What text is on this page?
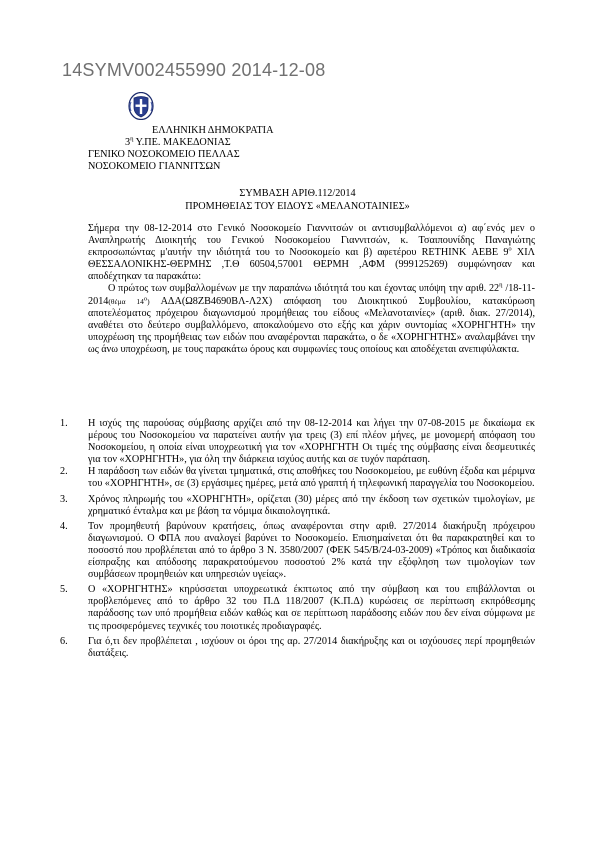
14SYMV002455990 2014-12-08
ΕΛΛΗΝΙΚΗ ΔΗΜΟΚΡΑΤΙΑ
$3^\eta$ Υ.ΠΕ. ΜΑΚΕΔΟΝΙΑΣ
ΓΕΝΙΚΟ ΝΟΣΟΚΟΜΕΙΟ ΠΕΛΛΑΣ
ΝΟΣΟΚΟΜΕΙΟ ΓΙΑΝΝΙΤΣΩΝ
ΣΥΜΒΑΣΗ ΑΡΙΘ.112/2014
ΠΡΟΜΗΘΕΙΑΣ ΤΟΥ ΕΙΔΟΥΣ «ΜΕΛΑΝΟΤΑΙΝΙΕΣ»

Σήμερα την 08-12-2014 στο Γενικό Νοσοκομείο Γιαννιτσών οι αντισυμβαλλόμενοι α) αφ΄ενός μεν ο Αναπληρωτής Διοικητής του Γενικού Νοσοκομείου Γιαννιτσών, κ. Τσαιπουνίδης Παναγιώτης εκπροσωπώντας μ'αυτήν την ιδιότητά του το Νοσοκομείο και β) αφετέρου RETHINK ΑΕΒΕ $9^o$ ΧΙΛ ΘΕΣΣΑΛΟΝΙΚΗΣ-ΘΕΡΜΗΣ ,Τ.Θ 60504,57001 ΘΕΡΜΗ ,ΑΦΜ (999125269) συμφώνησαν και αποδέχτηκαν τα παρακάτω:

Ο πρώτος των συμβαλλομένων με την παραπάνω ιδιότητά του και έχοντας υπόψη την αριθ. $22^\eta$ /18-11-2014(θέμα 14ο) ΑΔΑ(Ω8ΖΒ4690ΒΛ-Λ2Χ) απόφαση του Διοικητικού Συμβουλίου, κατακύρωση αποτελέσματος πρόχειρου διαγωνισμού προμήθειας του είδους «Μελανοταινίες» (αριθ. διακ. 27/2014), αναθέτει στο δεύτερο συμβαλλόμενο, αποκαλούμενο στο εξής και χάριν συντομίας «ΧΟΡΗΓΗΤΗ» την υποχρέωση της προμήθειας των ειδών που αναφέρονται παρακάτω, ο δε «ΧΟΡΗΓΗΤΗΣ» αναλαμβάνει την ως άνω υποχρέωση, με τους παρακάτω όρους και συμφωνίες τους οποίους και αποδέχεται ανεπιφύλακτα.

1. Η ισχύς της παρούσας σύμβασης αρχίζει από την 08-12-2014 και λήγει την 07-08-2015 με δικαίωμα εκ μέρους του Νοσοκομείου να παρατείνει αυτήν για τρεις (3) επί πλέον μήνες, με μονομερή απόφαση του Νοσοκομείου, η οποία είναι υποχρεωτική για τον «ΧΟΡΗΓΗΤΗ Οι τιμές της σύμβασης είναι δεσμευτικές για τον «ΧΟΡΗΓΗΤΗ», για όλη την διάρκεια ισχύος αυτής και σε τυχόν παράταση.

2. Η παράδοση των ειδών θα γίνεται τμηματικά, στις αποθήκες του Νοσοκομείου, με ευθύνη έξοδα και μέριμνα του «ΧΟΡΗΓΗΤΗ», σε (3) εργάσιμες ημέρες, μετά από γραπτή ή τηλεφωνική παραγγελία του Νοσοκομείου.

3. Χρόνος πληρωμής του «ΧΟΡΗΓΗΤΗ», ορίζεται (30) μέρες από την έκδοση των σχετικών τιμολογίων, με χρηματικό ένταλμα και με βάση τα νόμιμα δικαιολογητικά.

4. Τον προμηθευτή βαρύνουν κρατήσεις, όπως αναφέρονται στην αριθ. 27/2014 διακήρυξη πρόχειρου διαγωνισμού. Ο ΦΠΑ που αναλογεί βαρύνει το Νοσοκομείο. Επισημαίνεται ότι θα παρακρατηθεί και το ποσοστό που προβλέπεται από το άρθρο 3 Ν. 3580/2007 (ΦΕΚ 545/Β/24-03-2009) «Τρόπος και διαδικασία είσπραξης και απόδοσης παρακρατούμενου ποσοστού 2% κατά την εξόφληση των τιμολογίων των συμβάσεων προμηθειών και υπηρεσιών υγείας».

5. Ο «ΧΟΡΗΓΗΤΗΣ» κηρύσσεται υποχρεωτικά έκπτωτος από την σύμβαση και του επιβάλλονται οι προβλεπόμενες από το άρθρο 32 του Π.Δ 118/2007 (Κ.Π.Δ) κυρώσεις σε περίπτωση εκπρόθεσμης παράδοσης των υπό προμήθεια ειδών καθώς και σε περίπτωση παράδοσης ειδών που δεν είναι σύμφωνα με τις προσφερόμενες τεχνικές του ποιοτικές προδιαγραφές.

6. Για ό,τι δεν προβλέπεται , ισχύουν οι όροι της αρ. 27/2014 διακήρυξης και οι ισχύουσες περί προμηθειών διατάξεις.
